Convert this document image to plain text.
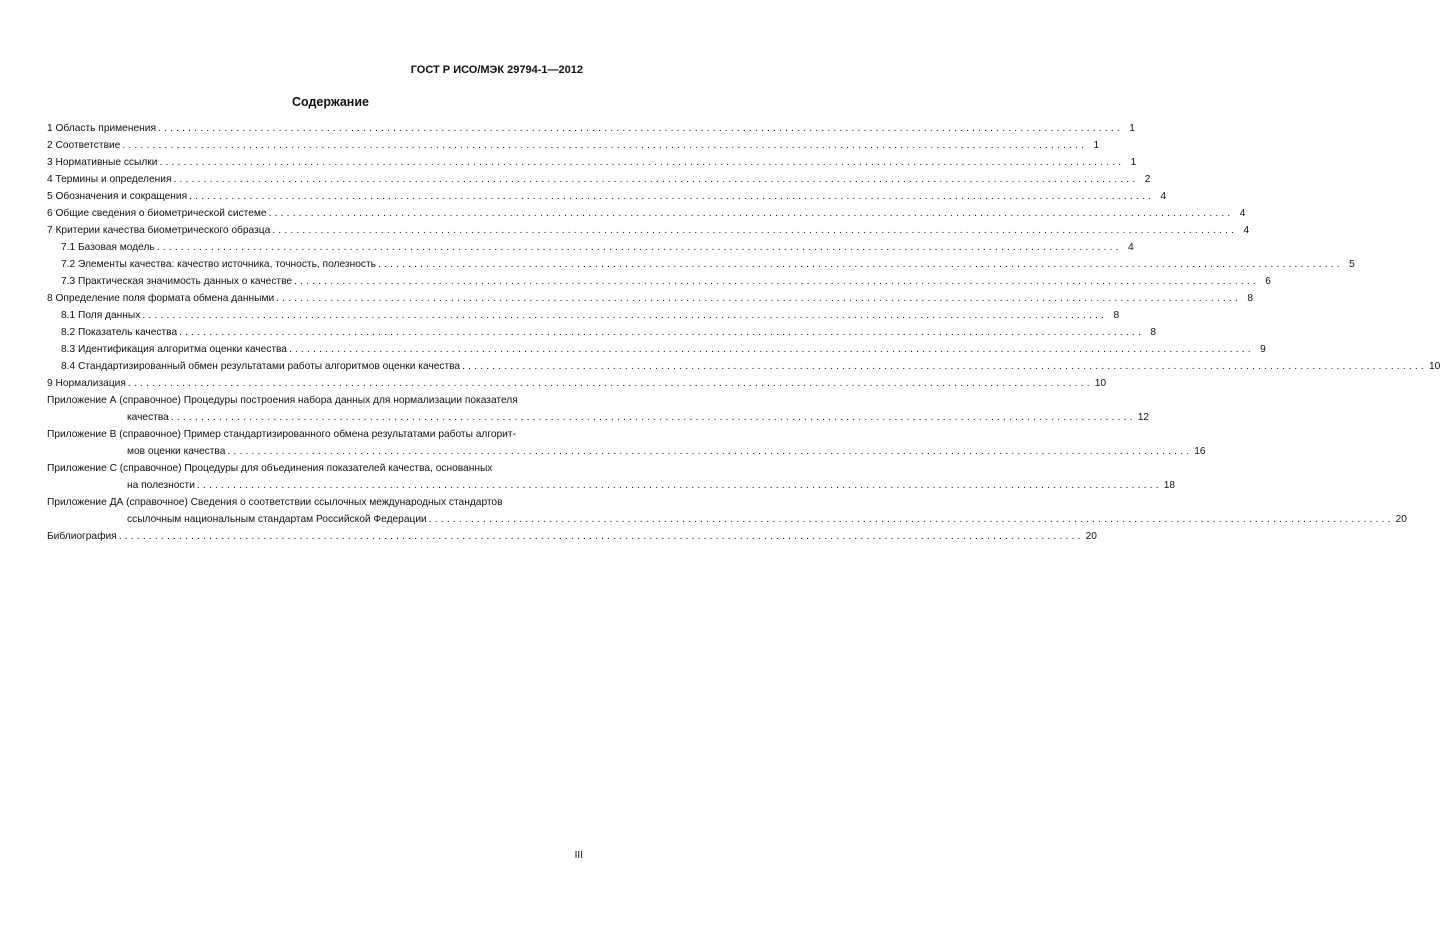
ГОСТ Р ИСО/МЭК 29794-1—2012
Содержание
1 Область применения ................................................................................................................................................................ 1
2 Соответствие ................................................................................................................................................................ 1
3 Нормативные ссылки ................................................................................................................................................................ 1
4 Термины и определения ................................................................................................................................................................ 2
5 Обозначения и сокращения ................................................................................................................................................................ 4
6 Общие сведения о биометрической системе ................................................................................................................................................................ 4
7 Критерии качества биометрического образца ................................................................................................................................................................ 4
7.1 Базовая модель ................................................................................................................................................................ 4
7.2 Элементы качества: качество источника, точность, полезность ................................................................................................................................................................ 5
7.3 Практическая значимость данных о качестве ................................................................................................................................................................ 6
8 Определение поля формата обмена данными ................................................................................................................................................................ 8
8.1 Поля данных ................................................................................................................................................................ 8
8.2 Показатель качества ................................................................................................................................................................ 8
8.3 Идентификация алгоритма оценки качества ................................................................................................................................................................ 9
8.4 Стандартизированный обмен результатами работы алгоритмов оценки качества ................................................................................................................................................................ 10
9 Нормализация ................................................................................................................................................................ 10
Приложение А (справочное) Процедуры построения набора данных для нормализации показателя
качества ................................................................................................................................................................ 12
Приложение В (справочное) Пример стандартизированного обмена результатами работы алгорит-
мов оценки качества ................................................................................................................................................................ 16
Приложение С (справочное) Процедуры для объединения показателей качества, основанных
на полезности ................................................................................................................................................................ 18
Приложение ДА (справочное) Сведения о соответствии ссылочных международных стандартов
ссылочным национальным стандартам Российской Федерации ................................................................................................................................................................ 20
Библиография ................................................................................................................................................................ 20
III
